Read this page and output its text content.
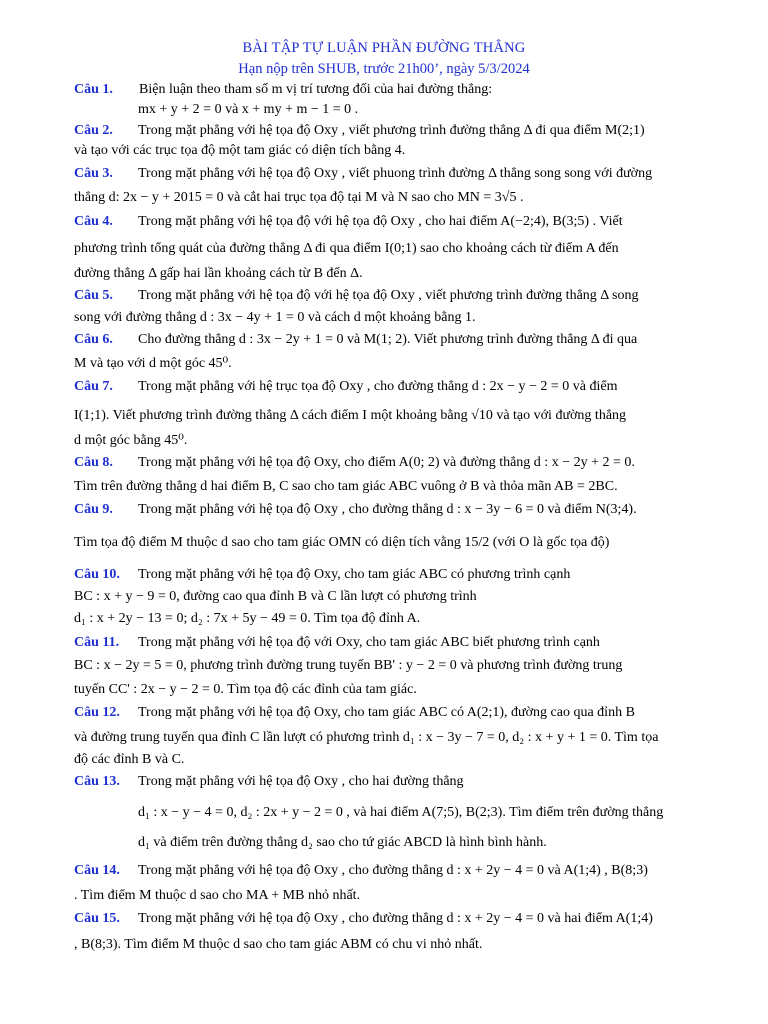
BÀI TẬP TỰ LUẬN PHẦN ĐƯỜNG THẲNG
Hạn nộp trên SHUB, trước 21h00’, ngày 5/3/2024
Câu 1. Biện luận theo tham số m vị trí tương đối của hai đường thẳng:
mx + y + 2 = 0 và x + my + m − 1 = 0 .
Câu 2. Trong mặt phẳng với hệ tọa độ Oxy , viết phương trình đường thẳng Δ đi qua điểm M(2;1)
và tạo với các trục tọa độ một tam giác có diện tích bằng 4.
Câu 3. Trong mặt phẳng với hệ tọa độ Oxy , viết phuong trình đường Δ thẳng song song với đường
thẳng d: 2x − y + 2015 = 0 và cắt hai trục tọa độ tại M và N sao cho MN = 3√5 .
Câu 4. Trong mặt phẳng với hệ tọa độ với hệ tọa độ Oxy , cho hai điểm A(−2;4), B(3;5) . Viết
phương trình tổng quát của đường thẳng Δ đi qua điểm I(0;1) sao cho khoảng cách từ điểm A đến
đường thẳng Δ gấp hai lần khoảng cách từ B đến Δ.
Câu 5. Trong mặt phẳng với hệ tọa độ với hệ tọa độ Oxy , viết phương trình đường thẳng Δ song
song với đường thẳng d : 3x − 4y + 1 = 0 và cách d một khoảng bằng 1.
Câu 6. Cho đường thẳng d : 3x − 2y + 1 = 0 và M(1; 2). Viết phương trình đường thẳng Δ đi qua
M và tạo với d một góc 45⁰.
Câu 7. Trong mặt phẳng với hệ trục tọa độ Oxy , cho đường thẳng d : 2x − y − 2 = 0 và điểm
I(1;1). Viết phương trình đường thẳng Δ cách điểm I một khoảng bằng √10 và tạo với đường thẳng
d một góc bằng 45⁰.
Câu 8. Trong mặt phẳng với hệ tọa độ Oxy, cho điểm A(0; 2) và đường thẳng d : x − 2y + 2 = 0.
Tìm trên đường thẳng d hai điểm B, C sao cho tam giác ABC vuông ở B và thỏa mãn AB = 2BC.
Câu 9. Trong mặt phẳng với hệ tọa độ Oxy , cho đường thẳng d : x − 3y − 6 = 0 và điểm N(3;4).
Tìm tọa độ điểm M thuộc d sao cho tam giác OMN có diện tích vằng 15/2 (với O là gốc tọa độ)
Câu 10. Trong mặt phẳng với hệ tọa độ Oxy, cho tam giác ABC có phương trình cạnh
BC : x + y − 9 = 0, đường cao qua đỉnh B và C lần lượt có phương trình
d₁ : x + 2y − 13 = 0; d₂ : 7x + 5y − 49 = 0. Tìm tọa độ đỉnh A.
Câu 11. Trong mặt phẳng với hệ tọa độ với Oxy, cho tam giác ABC biết phương trình cạnh
BC : x − 2y = 5 = 0, phương trình đường trung tuyến BB' : y − 2 = 0 và phương trình đường trung
tuyến CC' : 2x − y − 2 = 0. Tìm tọa độ các đỉnh của tam giác.
Câu 12. Trong mặt phẳng với hệ tọa độ Oxy, cho tam giác ABC có A(2;1), đường cao qua đỉnh B
và đường trung tuyến qua đỉnh C lần lượt có phương trình d₁ : x − 3y − 7 = 0, d₂ : x + y + 1 = 0. Tìm tọa
độ các đỉnh B và C.
Câu 13. Trong mặt phẳng với hệ tọa độ Oxy , cho hai đường thẳng
d₁ : x − y − 4 = 0, d₂ : 2x + y − 2 = 0 , và hai điểm A(7;5), B(2;3). Tìm điểm trên đường thẳng
d₁ và điểm trên đường thẳng d₂ sao cho tứ giác ABCD là hình bình hành.
Câu 14. Trong mặt phẳng với hệ tọa độ Oxy , cho đường thẳng d : x + 2y − 4 = 0 và A(1;4) , B(8;3)
. Tìm điểm M thuộc d sao cho MA + MB nhỏ nhất.
Câu 15. Trong mặt phẳng với hệ tọa độ Oxy , cho đường thẳng d : x + 2y − 4 = 0 và hai điểm A(1;4)
, B(8;3). Tìm điểm M thuộc d sao cho tam giác ABM có chu vi nhỏ nhất.
